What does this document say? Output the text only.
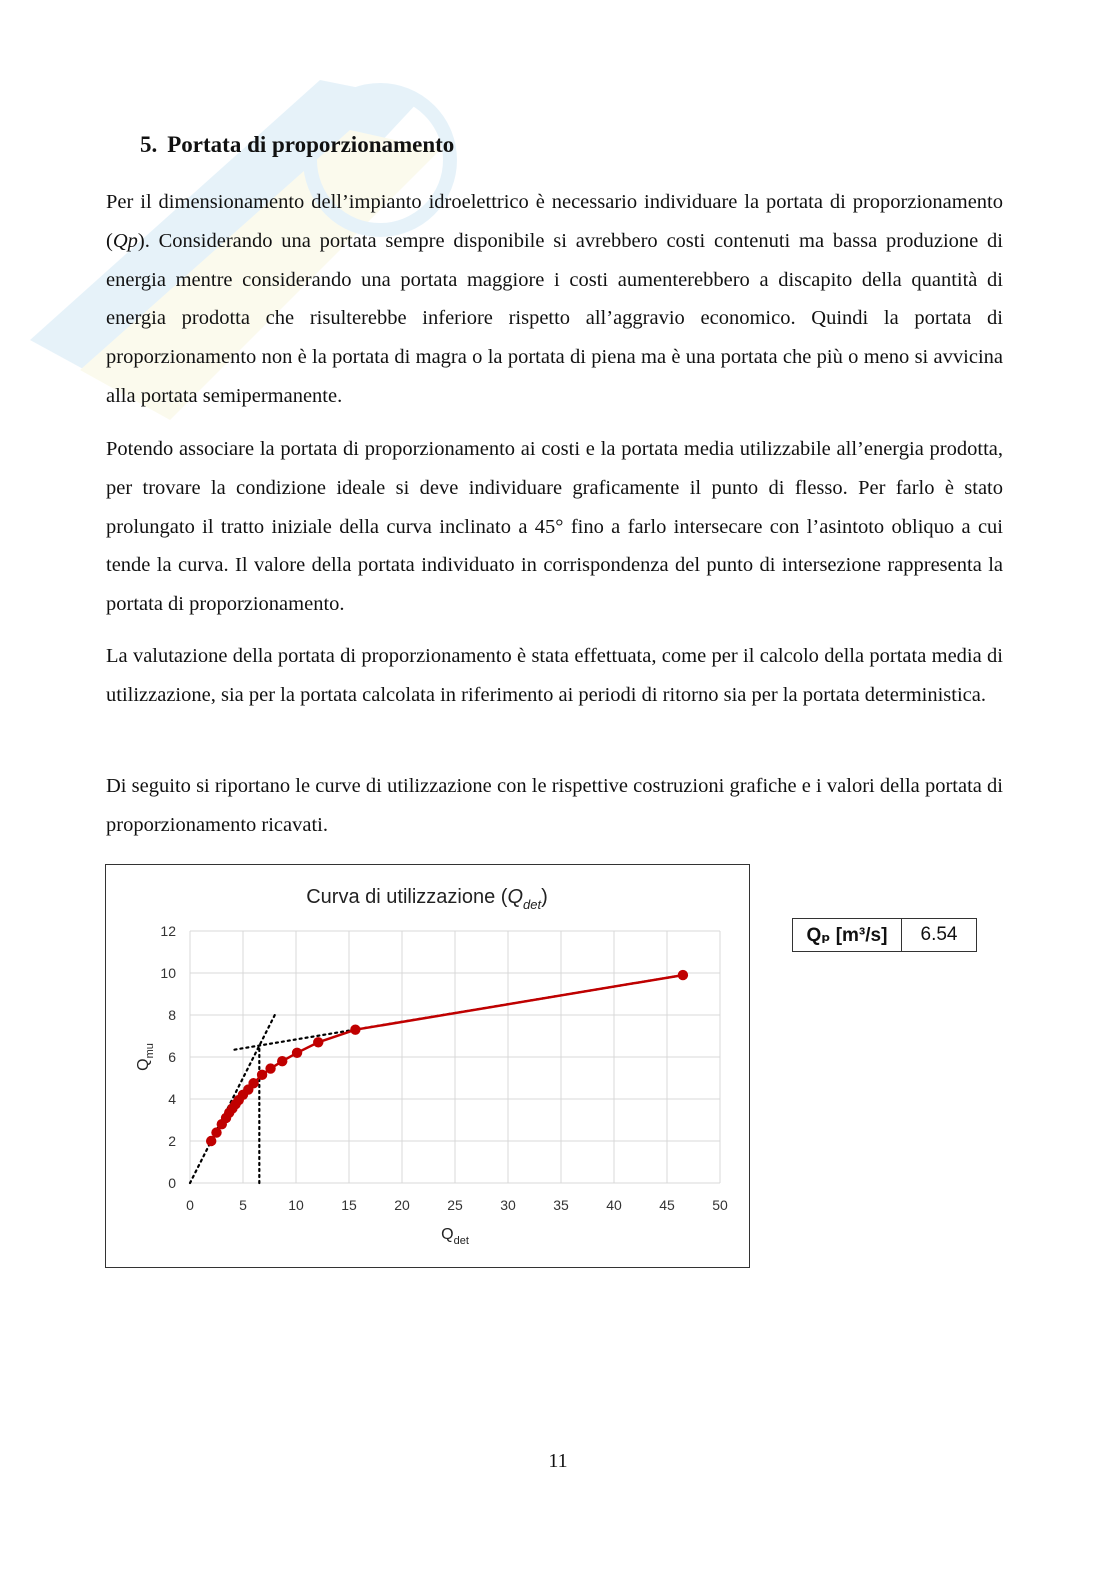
5. Portata di proporzionamento
Per il dimensionamento dell’impianto idroelettrico è necessario individuare la portata di proporzionamento (Qp). Considerando una portata sempre disponibile si avrebbero costi contenuti ma bassa produzione di energia mentre considerando una portata maggiore i costi aumenterebbero a discapito della quantità di energia prodotta che risulterebbe inferiore rispetto all’aggravio economico. Quindi la portata di proporzionamento non è la portata di magra o la portata di piena ma è una portata che più o meno si avvicina alla portata semipermanente.
Potendo associare la portata di proporzionamento ai costi e la portata media utilizzabile all’energia prodotta, per trovare la condizione ideale si deve individuare graficamente il punto di flesso. Per farlo è stato prolungato il tratto iniziale della curva inclinato a 45° fino a farlo intersecare con l’asintoto obliquo a cui tende la curva. Il valore della portata individuato in corrispondenza del punto di intersezione rappresenta la portata di proporzionamento.
La valutazione della portata di proporzionamento è stata effettuata, come per il calcolo della portata media di utilizzazione, sia per la portata calcolata in riferimento ai periodi di ritorno sia per la portata deterministica.
Di seguito si riportano le curve di utilizzazione con le rispettive costruzioni grafiche e i valori della portata di proporzionamento ricavati.
Curva di utilizzazione $(Q_{det})$
0
2
4
6
8
10
12
0	5	10	15	20	25	30	35	40	45	50
$Q_{det}$
$Q_{mu}$
Qₚ [m³/s]	6.54
11
